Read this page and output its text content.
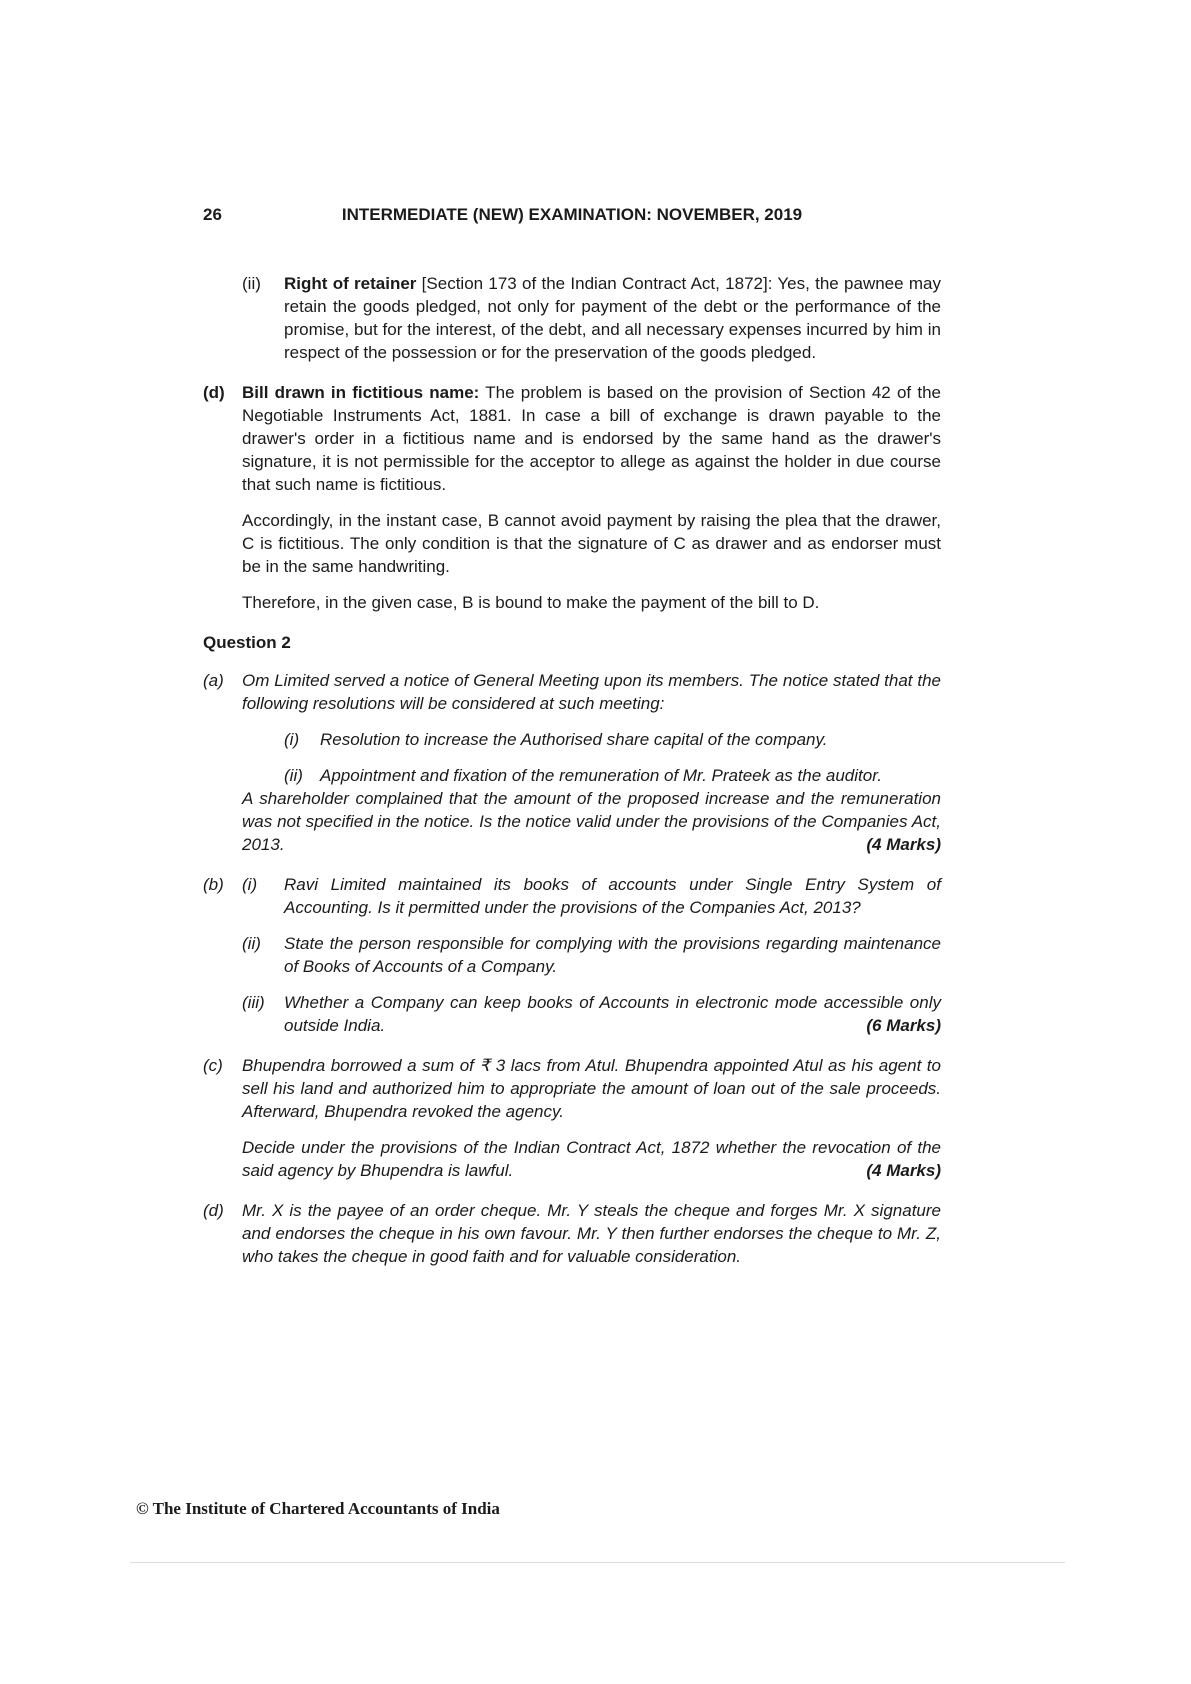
26	INTERMEDIATE (NEW) EXAMINATION: NOVEMBER, 2019
(ii)	Right of retainer [Section 173 of the Indian Contract Act, 1872]: Yes, the pawnee may retain the goods pledged, not only for payment of the debt or the performance of the promise, but for the interest, of the debt, and all necessary expenses incurred by him in respect of the possession or for the preservation of the goods pledged.

(d)	Bill drawn in fictitious name: The problem is based on the provision of Section 42 of the Negotiable Instruments Act, 1881. In case a bill of exchange is drawn payable to the drawer's order in a fictitious name and is endorsed by the same hand as the drawer's signature, it is not permissible for the acceptor to allege as against the holder in due course that such name is fictitious.

Accordingly, in the instant case, B cannot avoid payment by raising the plea that the drawer, C is fictitious. The only condition is that the signature of C as drawer and as endorser must be in the same handwriting.

Therefore, in the given case, B is bound to make the payment of the bill to D.

Question 2
(a)	Om Limited served a notice of General Meeting upon its members. The notice stated that the following resolutions will be considered at such meeting:

(i)	Resolution to increase the Authorised share capital of the company.

(ii)	Appointment and fixation of the remuneration of Mr. Prateek as the auditor.

A shareholder complained that the amount of the proposed increase and the remuneration was not specified in the notice. Is the notice valid under the provisions of the Companies Act, 2013.	(4 Marks)

(b)	(i)	Ravi Limited maintained its books of accounts under Single Entry System of Accounting. Is it permitted under the provisions of the Companies Act, 2013?

(ii)	State the person responsible for complying with the provisions regarding maintenance of Books of Accounts of a Company.

(iii)	Whether a Company can keep books of Accounts in electronic mode accessible only outside India.	(6 Marks)

(c)	Bhupendra borrowed a sum of ₹ 3 lacs from Atul. Bhupendra appointed Atul as his agent to sell his land and authorized him to appropriate the amount of loan out of the sale proceeds. Afterward, Bhupendra revoked the agency.

Decide under the provisions of the Indian Contract Act, 1872 whether the revocation of the said agency by Bhupendra is lawful.	(4 Marks)

(d)	Mr. X is the payee of an order cheque. Mr. Y steals the cheque and forges Mr. X signature and endorses the cheque in his own favour. Mr. Y then further endorses the cheque to Mr. Z, who takes the cheque in good faith and for valuable consideration.

© The Institute of Chartered Accountants of India
